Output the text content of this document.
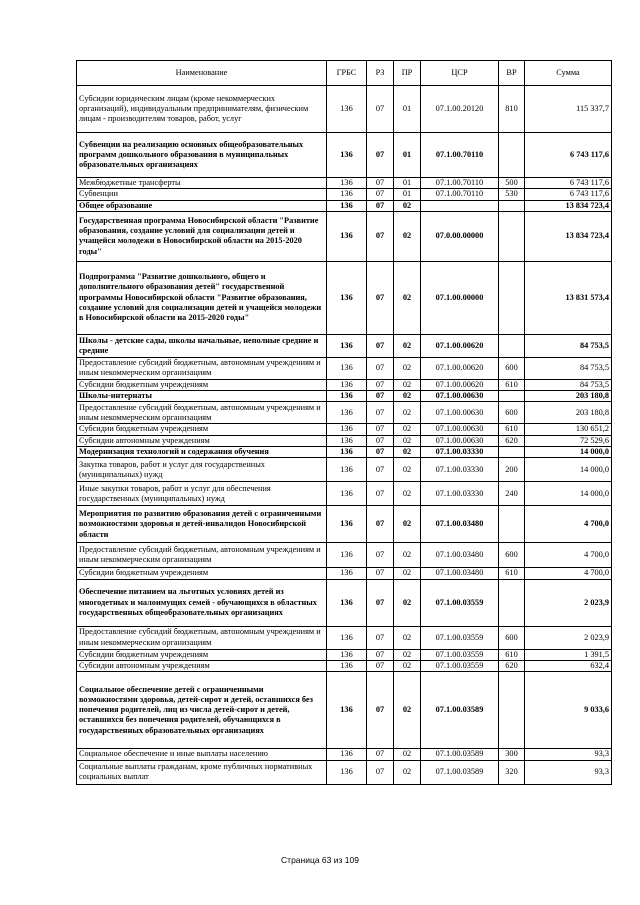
Наименование	ГРБС	РЗ	ПР	ЦСР	ВР	Сумма
Субсидии юридическим лицам (кроме некоммерческих организаций), индивидуальным предпринимателям, физическим лицам - производителям товаров, работ, услуг	136	07	01	07.1.00.20120	810	115 337,7
Субвенции на реализацию основных общеобразовательных программ дошкольного образования в муниципальных образовательных организациях	136	07	01	07.1.00.70110		6 743 117,6
Межбюджетные трансферты	136	07	01	07.1.00.70110	500	6 743 117,6
Субвенции	136	07	01	07.1.00.70110	530	6 743 117,6
Общее образование	136	07	02			13 834 723,4
Государственная программа Новосибирской области "Развитие образования, создание условий для социализации детей и учащейся молодежи в Новосибирской области на 2015-2020 годы"	136	07	02	07.0.00.00000		13 834 723,4
Подпрограмма "Развитие дошкольного, общего и дополнительного образования детей" государственной программы Новосибирской области "Развитие образования, создание условий для социализации детей и учащейся молодежи в Новосибирской области на 2015-2020 годы"	136	07	02	07.1.00.00000		13 831 573,4
Школы - детские сады, школы начальные, неполные средние и средние	136	07	02	07.1.00.00620		84 753,5
Предоставление субсидий бюджетным, автономным учреждениям и иным некоммерческим организациям	136	07	02	07.1.00.00620	600	84 753,5
Субсидии бюджетным учреждениям	136	07	02	07.1.00.00620	610	84 753,5
Школы-интернаты	136	07	02	07.1.00.00630		203 180,8
Предоставление субсидий бюджетным, автономным учреждениям и иным некоммерческим организациям	136	07	02	07.1.00.00630	600	203 180,8
Субсидии бюджетным учреждениям	136	07	02	07.1.00.00630	610	130 651,2
Субсидии автономным учреждениям	136	07	02	07.1.00.00630	620	72 529,6
Модернизация технологий и содержания обучения	136	07	02	07.1.00.03330		14 000,0
Закупка товаров, работ и услуг для государственных (муниципальных) нужд	136	07	02	07.1.00.03330	200	14 000,0
Иные закупки товаров, работ и услуг для обеспечения государственных (муниципальных) нужд	136	07	02	07.1.00.03330	240	14 000,0
Мероприятия по развитию образования детей с ограниченными возможностями здоровья и детей-инвалидов Новосибирской области	136	07	02	07.1.00.03480		4 700,0
Предоставление субсидий бюджетным, автономным учреждениям и иным некоммерческим организациям	136	07	02	07.1.00.03480	600	4 700,0
Субсидии бюджетным учреждениям	136	07	02	07.1.00.03480	610	4 700,0
Обеспечение питанием на льготных условиях детей из многодетных и малоимущих семей - обучающихся в областных государственных общеобразовательных организациях	136	07	02	07.1.00.03559		2 023,9
Предоставление субсидий бюджетным, автономным учреждениям и иным некоммерческим организациям	136	07	02	07.1.00.03559	600	2 023,9
Субсидии бюджетным учреждениям	136	07	02	07.1.00.03559	610	1 391,5
Субсидии автономным учреждениям	136	07	02	07.1.00.03559	620	632,4
Социальное обеспечение детей с ограниченными возможностями здоровья, детей-сирот и детей, оставшихся без попечения родителей, лиц из числа детей-сирот и детей, оставшихся без попечения родителей, обучающихся в государственных образовательных организациях	136	07	02	07.1.00.03589		9 033,6
Социальное обеспечение и иные выплаты населению	136	07	02	07.1.00.03589	300	93,3
Социальные выплаты гражданам, кроме публичных нормативных социальных выплат	136	07	02	07.1.00.03589	320	93,3
Страница 63 из 109
